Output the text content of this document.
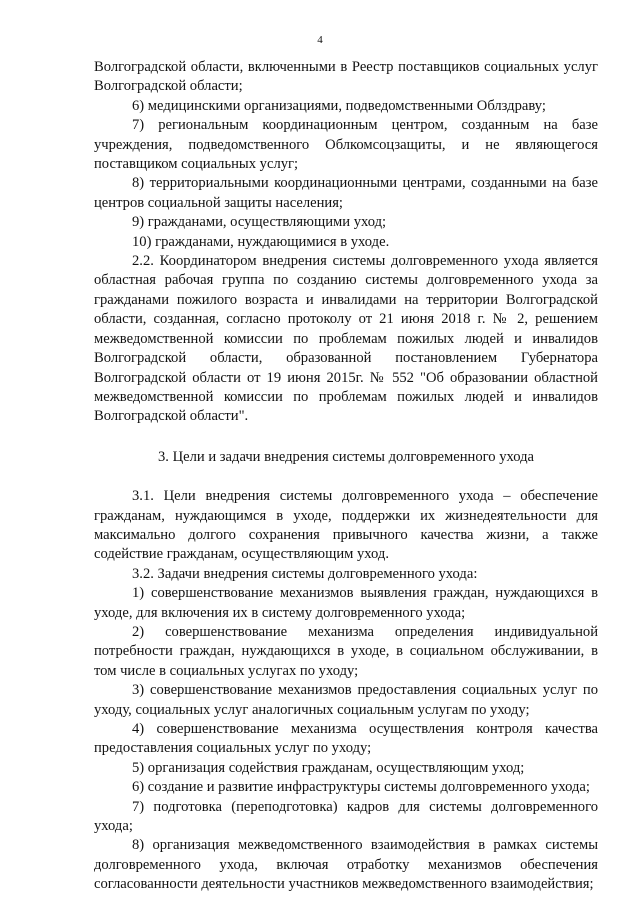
4

Волгоградской области, включенными в Реестр поставщиков социальных услуг Волгоградской области;

6) медицинскими организациями, подведомственными Облздраву;

7) региональным координационным центром, созданным на базе учреждения, подведомственного Облкомсоцзащиты, и не являющегося поставщиком социальных услуг;

8) территориальными координационными центрами, созданными на базе центров социальной защиты населения;

9) гражданами, осуществляющими уход;

10) гражданами, нуждающимися в уходе.

2.2. Координатором внедрения системы долговременного ухода является областная рабочая группа по созданию системы долговременного ухода за гражданами пожилого возраста и инвалидами на территории Волгоградской области, созданная, согласно протоколу от 21 июня 2018 г. № 2, решением межведомственной комиссии по проблемам пожилых людей и инвалидов Волгоградской области, образованной постановлением Губернатора Волгоградской области от 19 июня 2015г. № 552 "Об образовании областной межведомственной комиссии по проблемам пожилых людей и инвалидов Волгоградской области".

3. Цели и задачи внедрения системы долговременного ухода

3.1. Цели внедрения системы долговременного ухода – обеспечение гражданам, нуждающимся в уходе, поддержки их жизнедеятельности для максимально долгого сохранения привычного качества жизни, а также содействие гражданам, осуществляющим уход.

3.2. Задачи внедрения системы долговременного ухода:

1) совершенствование механизмов выявления граждан, нуждающихся в уходе, для включения их в систему долговременного ухода;

2) совершенствование механизма определения индивидуальной потребности граждан, нуждающихся в уходе, в социальном обслуживании, в том числе в социальных услугах по уходу;

3) совершенствование механизмов предоставления социальных услуг по уходу, социальных услуг аналогичных социальным услугам по уходу;

4) совершенствование механизма осуществления контроля качества предоставления социальных услуг по уходу;

5) организация содействия гражданам, осуществляющим уход;

6) создание и развитие инфраструктуры системы долговременного ухода;

7) подготовка (переподготовка) кадров для системы долговременного ухода;

8) организация межведомственного взаимодействия в рамках системы долговременного ухода, включая отработку механизмов обеспечения согласованности деятельности участников межведомственного взаимодействия;
